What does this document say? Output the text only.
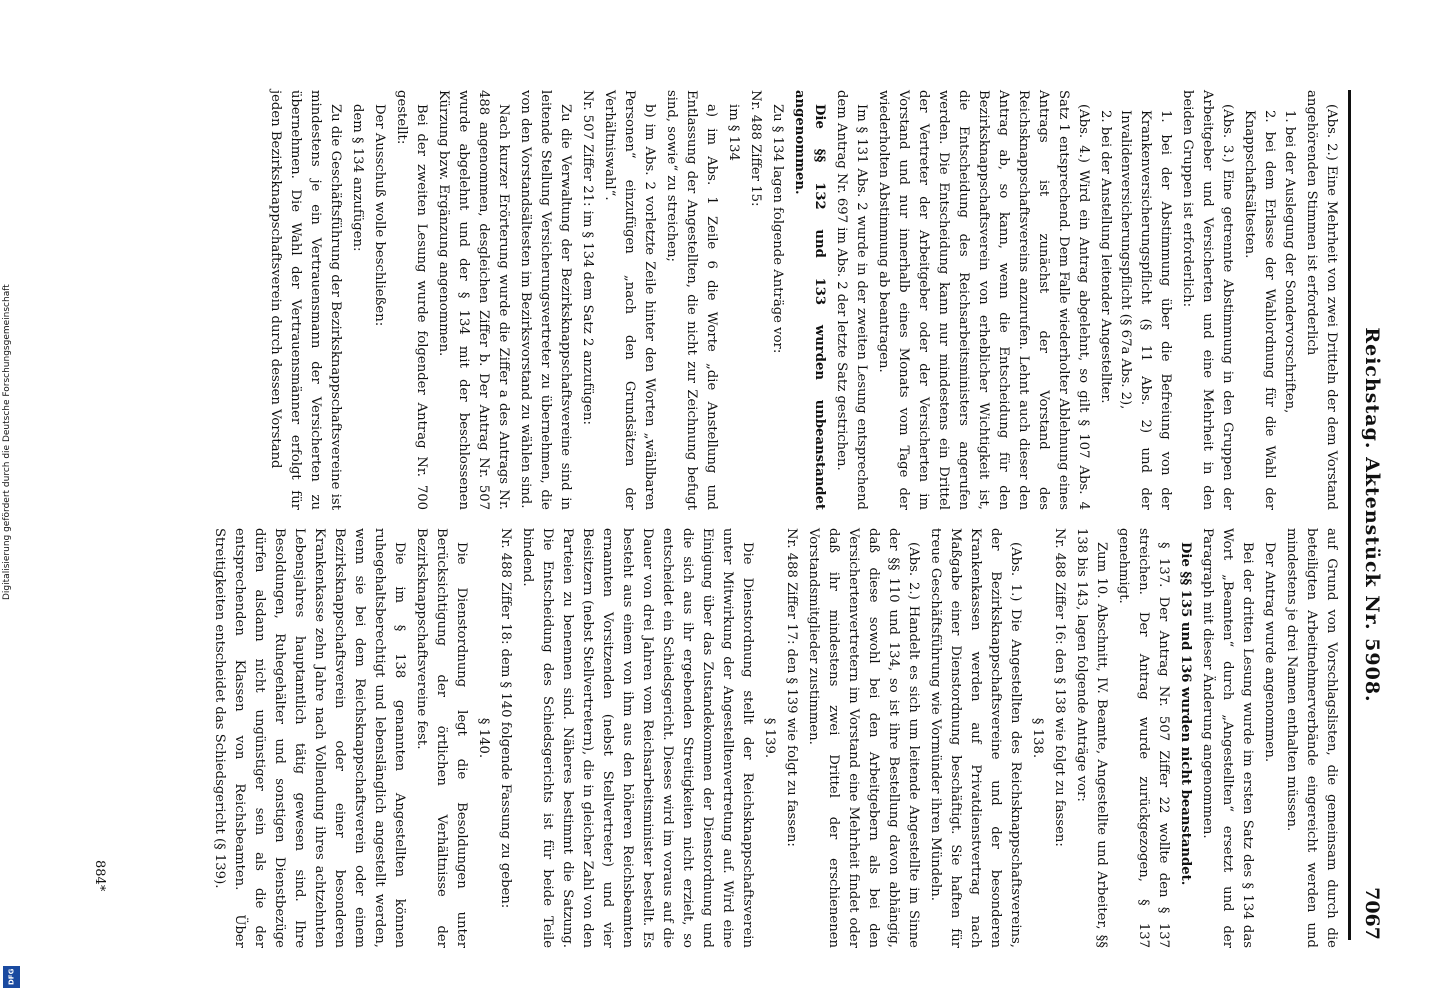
Reichstag. Aktenstück Nr. 5908.
7067

(Abs. 2.) Eine Mehrheit von zwei Dritteln der dem Vorstand angehörenden Stimmen ist erforderlich

1. bei der Auslegung der Sondervorschriften,
2. bei dem Erlasse der Wahlordnung für die Wahl der Knappschaftsältesten.

(Abs. 3.) Eine getrennte Abstimmung in den Gruppen der Arbeitgeber und Versicherten und eine Mehrheit in den beiden Gruppen ist erforderlich:

1. bei der Abstimmung über die Befreiung von der Krankenversicherungspflicht (§ 11 Abs. 2) und der Invalidenversicherungspflicht (§ 67a Abs. 2),
2. bei der Anstellung leitender Angestellter.

(Abs. 4.) Wird ein Antrag abgelehnt, so gilt § 107 Abs. 4 Satz 1 entsprechend. Dem Falle wiederholter Ablehnung eines Antrags ist zunächst der Vorstand des Reichsknappschaftsvereins anzurufen. Lehnt auch dieser den Antrag ab, so kann, wenn die Entscheidung für den Bezirksknappschaftsverein von erheblicher Wichtigkeit ist, die Entscheidung des Reichsarbeitsministers angerufen werden. Die Entscheidung kann nur mindestens ein Drittel der Vertreter der Arbeitgeber oder der Versicherten im Vorstand und nur innerhalb eines Monats vom Tage der wiederholten Abstimmung ab beantragen.

Im § 131 Abs. 2 wurde in der zweiten Lesung entsprechend dem Antrag Nr. 697 im Abs. 2 der letzte Satz gestrichen.

Die §§ 132 und 133 wurden unbeanstandet angenommen.

Zu § 134 lagen folgende Anträge vor:

Nr. 488 Ziffer 15:

im § 134

a) im Abs. 1 Zeile 6 die Worte „die Anstellung und Entlassung der Angestellten, die nicht zur Zeichnung befugt sind, sowie“ zu streichen;

b) im Abs. 2 vorletzte Zeile hinter den Worten „wählbaren Personen“ einzufügen „nach den Grundsätzen der Verhältniswahl“.

Nr. 507 Ziffer 21: im § 134 dem Satz 2 anzufügen:

Zu die Verwaltung der Bezirksknappschaftsvereine sind in leitende Stellung Versicherungsvertreter zu übernehmen, die von den Vorstandsältesten im Bezirksvorstand zu wählen sind.

Nach kurzer Erörterung wurde die Ziffer a des Antrags Nr. 488 angenommen, desgleichen Ziffer b. Der Antrag Nr. 507 wurde abgelehnt und der § 134 mit der beschlossenen Kürzung bzw. Ergänzung angenommen.

Bei der zweiten Lesung wurde folgender Antrag Nr. 700 gestellt:

Der Ausschuß wolle beschließen:

dem § 134 anzufügen:

Zu die Geschäftsführung der Bezirksknappschaftsvereine ist mindestens je ein Vertrauensmann der Versicherten zu übernehmen. Die Wahl der Vertrauensmänner erfolgt für jeden Bezirksknappschaftsverein durch dessen Vorstand

auf Grund von Vorschlagslisten, die gemeinsam durch die beteiligten Arbeitnehmerverbände eingereicht werden und mindestens je drei Namen enthalten müssen.

Der Antrag wurde angenommen.

Bei der dritten Lesung wurde im ersten Satz des § 134 das Wort „Beamten“ durch „Angestellten“ ersetzt und der Paragraph mit dieser Änderung angenommen.

Die §§ 135 und 136 wurden nicht beanstandet.

§ 137. Der Antrag Nr. 507 Ziffer 22 wollte den § 137 streichen. Der Antrag wurde zurückgezogen, § 137 genehmigt.

Zum 10. Abschnitt, IV. Beamte, Angestellte und Arbeiter, §§ 138 bis 143, lagen folgende Anträge vor:

Nr. 488 Ziffer 16: den § 138 wie folgt zu fassen:

§ 138.

(Abs. 1.) Die Angestellten des Reichsknappschaftsvereins, der Bezirksknappschaftsvereine und der besonderen Krankenkassen werden auf Privatdienstvertrag nach Maßgabe einer Dienstordnung beschäftigt. Sie haften für treue Geschäftsführung wie Vormünder ihren Mündeln.

(Abs. 2.) Handelt es sich um leitende Angestellte im Sinne der §§ 110 und 134, so ist ihre Bestellung davon abhängig, daß diese sowohl bei den Arbeitgebern als bei den Versichertenvertretern im Vorstand eine Mehrheit findet oder daß ihr mindestens zwei Drittel der erschienenen Vorstandsmitglieder zustimmen.

Nr. 488 Ziffer 17: den § 139 wie folgt zu fassen:

§ 139.

Die Dienstordnung stellt der Reichsknappschaftsverein unter Mitwirkung der Angestelltenvertretung auf. Wird eine Einigung über das Zustandekommen der Dienstordnung und die sich aus ihr ergebenden Streitigkeiten nicht erzielt, so entscheidet ein Schiedsgericht. Dieses wird im voraus auf die Dauer von drei Jahren vom Reichsarbeitsminister bestellt. Es besteht aus einem von ihm aus den höheren Reichsbeamten ernannten Vorsitzenden (nebst Stellvertreter) und vier Beisitzern (nebst Stellvertretern), die in gleicher Zahl von den Parteien zu benennen sind. Näheres bestimmt die Satzung. Die Entscheidung des Schiedsgerichts ist für beide Teile bindend.

Nr. 488 Ziffer 18: dem § 140 folgende Fassung zu geben:

§ 140.

Die Dienstordnung legt die Besoldungen unter Berücksichtigung der örtlichen Verhältnisse der Bezirksknappschaftsvereine fest.

Die im § 138 genannten Angestellten können ruhegehaltsberechtigt und lebenslänglich angestellt werden, wenn sie bei dem Reichsknappschaftsverein oder einem Bezirksknappschaftsverein oder einer besonderen Krankenkasse zehn Jahre nach Vollendung ihres achtzehnten Lebensjahres hauptamtlich tätig gewesen sind. Ihre Besoldungen, Ruhegehälter und sonstigen Dienstbezüge dürfen alsdann nicht ungünstiger sein als die der entsprechenden Klassen von Reichsbeamten. Über Streitigkeiten entscheidet das Schiedsgericht (§ 139).

884*
Digitalisierung gefördert durch die Deutsche Forschungsgemeinschaft
DFG
